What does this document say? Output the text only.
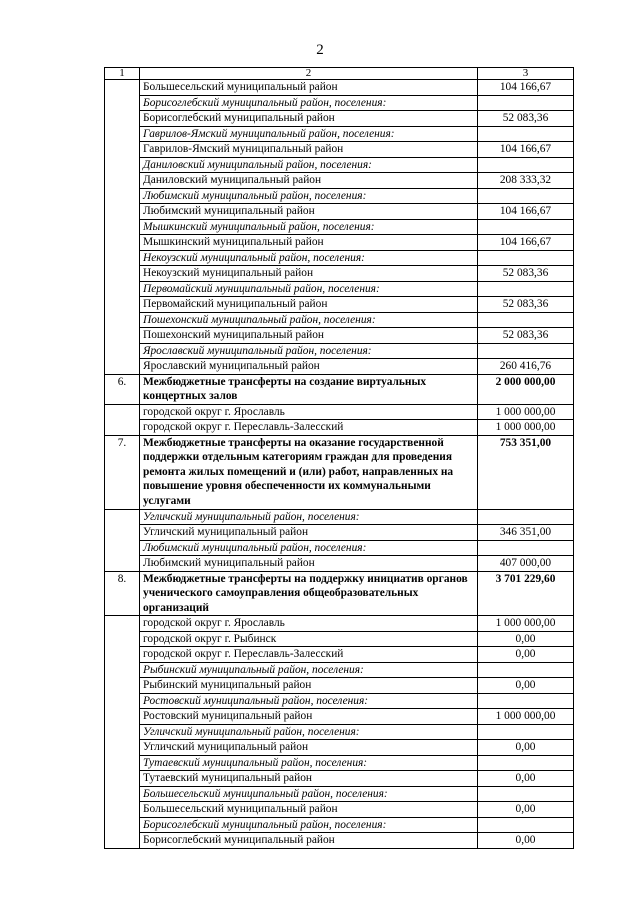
2
1	2	3
	Большесельский муниципальный район	104 166,67
	Борисоглебский муниципальный район, поселения:	
	Борисоглебский муниципальный район	52 083,36
	Гаврилов-Ямский муниципальный район, поселения:	
	Гаврилов-Ямский муниципальный район	104 166,67
	Даниловский муниципальный район, поселения:	
	Даниловский муниципальный район	208 333,32
	Любимский муниципальный район, поселения:	
	Любимский муниципальный район	104 166,67
	Мышкинский муниципальный район, поселения:	
	Мышкинский муниципальный район	104 166,67
	Некоузский муниципальный район, поселения:	
	Некоузский муниципальный район	52 083,36
	Первомайский муниципальный район, поселения:	
	Первомайский муниципальный район	52 083,36
	Пошехонский муниципальный район, поселения:	
	Пошехонский муниципальный район	52 083,36
	Ярославский муниципальный район, поселения:	
	Ярославский муниципальный район	260 416,76
6.	Межбюджетные трансферты на создание виртуальных концертных залов	2 000 000,00
	городской округ г. Ярославль	1 000 000,00
	городской округ г. Переславль-Залесский	1 000 000,00
7.	Межбюджетные трансферты на оказание государственной поддержки отдельным категориям граждан для проведения ремонта жилых помещений и (или) работ, направленных на повышение уровня обеспеченности их коммунальными услугами	753 351,00
	Угличский муниципальный район, поселения:	
	Угличский муниципальный район	346 351,00
	Любимский муниципальный район, поселения:	
	Любимский муниципальный район	407 000,00
8.	Межбюджетные трансферты на поддержку инициатив органов ученического самоуправления общеобразовательных организаций	3 701 229,60
	городской округ г. Ярославль	1 000 000,00
	городской округ г. Рыбинск	0,00
	городской округ г. Переславль-Залесский	0,00
	Рыбинский муниципальный район, поселения:	
	Рыбинский муниципальный район	0,00
	Ростовский муниципальный район, поселения:	
	Ростовский муниципальный район	1 000 000,00
	Угличский муниципальный район, поселения:	
	Угличский муниципальный район	0,00
	Тутаевский муниципальный район, поселения:	
	Тутаевский муниципальный район	0,00
	Большесельский муниципальный район, поселения:	
	Большесельский муниципальный район	0,00
	Борисоглебский муниципальный район, поселения:	
	Борисоглебский муниципальный район	0,00
